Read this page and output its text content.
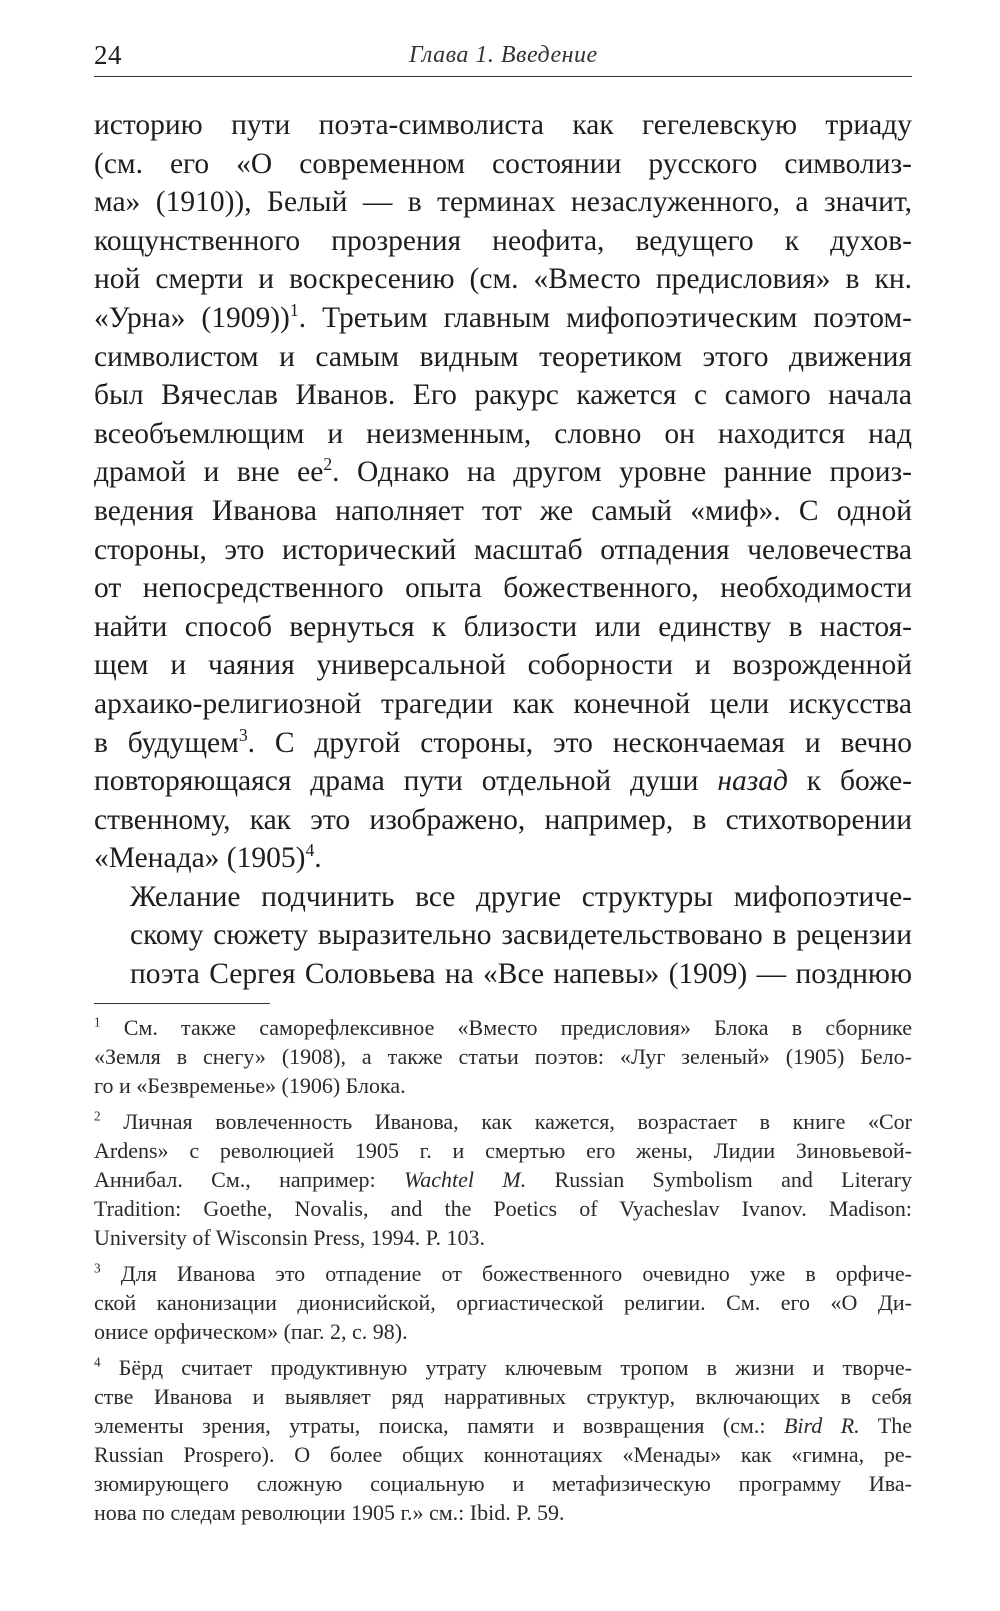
24	Глава 1. Введение

историю пути поэта-символиста как гегелевскую триаду
(см. его «О современном состоянии русского символиз-
ма» (1910)), Белый — в терминах незаслуженного, а значит,
кощунственного прозрения неофита, ведущего к духов-
ной смерти и воскресению (см. «Вместо предисловия» в кн.
«Урна» (1909))$^1$. Третьим главным мифопоэтическим поэтом-
символистом и самым видным теоретиком этого движения
был Вячеслав Иванов. Его ракурс кажется с самого начала
всеобъемлющим и неизменным, словно он находится над
драмой и вне $ее^2$. Однако на другом уровне ранние произ-
ведения Иванова наполняет тот же самый «миф». С одной
стороны, это исторический масштаб отпадения человечества
от непосредственного опыта божественного, необходимости
найти способ вернуться к близости или единству в настоя-
щем и чаяния универсальной соборности и возрожденной
архаико-религиозной трагедии как конечной цели искусства
в будущем$^3$. С другой стороны, это нескончаемая и вечно
повторяющаяся драма пути отдельной души назад к боже-
ственному, как это изображено, например, в стихотворении
«Менада» $(1905)^4$.

Желание подчинить все другие структуры мифопоэтиче-
скому сюжету выразительно засвидетельствовано в рецензии
поэта Сергея Соловьева на «Все напевы» (1909) — позднюю

$^1$ См. также саморефлексивное «Вместо предисловия» Блока в сборнике
«Земля в снегу» (1908), а также статьи поэтов: «Луг зеленый» (1905) Бело-
го и «Безвременье» (1906) Блока.
$^2$ Личная вовлеченность Иванова, как кажется, возрастает в книге «Cor
Ardens» с революцией 1905 г. и смертью его жены, Лидии Зиновьевой-
Аннибал. См., например: Wachtel M. Russian Symbolism and Literary
Tradition: Goethe, Novalis, and the Poetics of Vyacheslav Ivanov. Madison:
University of Wisconsin Press, 1994. P. 103.
$^3$ Для Иванова это отпадение от божественного очевидно уже в орфиче-
ской канонизации дионисийской, оргиастической религии. См. его «О Ди-
онисе орфическом» (паг. 2, с. 98).
$^4$ Бёрд считает продуктивную утрату ключевым тропом в жизни и творче-
стве Иванова и выявляет ряд нарративных структур, включающих в себя
элементы зрения, утраты, поиска, памяти и возвращения (см.: Bird R. The
Russian Prospero). О более общих коннотациях «Менады» как «гимна, ре-
зюмирующего сложную социальную и метафизическую программу Ива-
нова по следам революции 1905 г.» см.: Ibid. P. 59.
